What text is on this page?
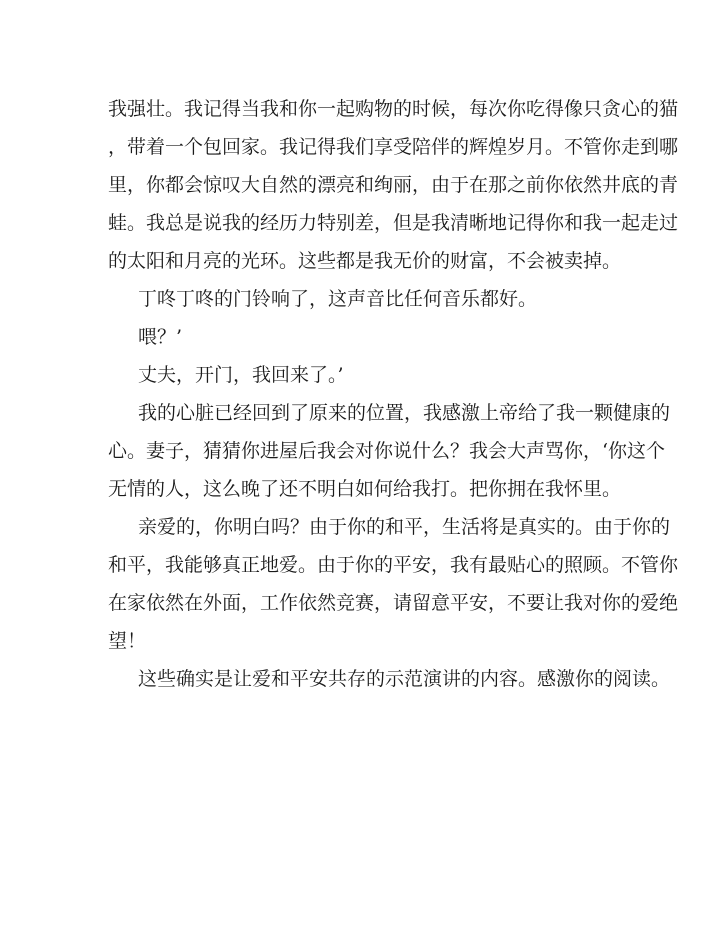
我强壮。我记得当我和你一起购物的时候，每次你吃得像只贪心的猫

，带着一个包回家。我记得我们享受陪伴的辉煌岁月。不管你走到哪

里，你都会惊叹大自然的漂亮和绚丽，由于在那之前你依然井底的青

蛙。我总是说我的经历力特别差，但是我清晰地记得你和我一起走过

的太阳和月亮的光环。这些都是我无价的财富，不会被卖掉。

丁咚丁咚的门铃响了，这声音比任何音乐都好。

喂？’

丈夫，开门，我回来了。’

我的心脏已经回到了原来的位置，我感激上帝给了我一颗健康的

心。妻子，猜猜你进屋后我会对你说什么？我会大声骂你，‘你这个

无情的人，这么晚了还不明白如何给我打。把你拥在我怀里。

亲爱的，你明白吗？由于你的和平，生活将是真实的。由于你的

和平，我能够真正地爱。由于你的平安，我有最贴心的照顾。不管你

在家依然在外面，工作依然竞赛，请留意平安，不要让我对你的爱绝

望！

这些确实是让爱和平安共存的示范演讲的内容。感激你的阅读。
